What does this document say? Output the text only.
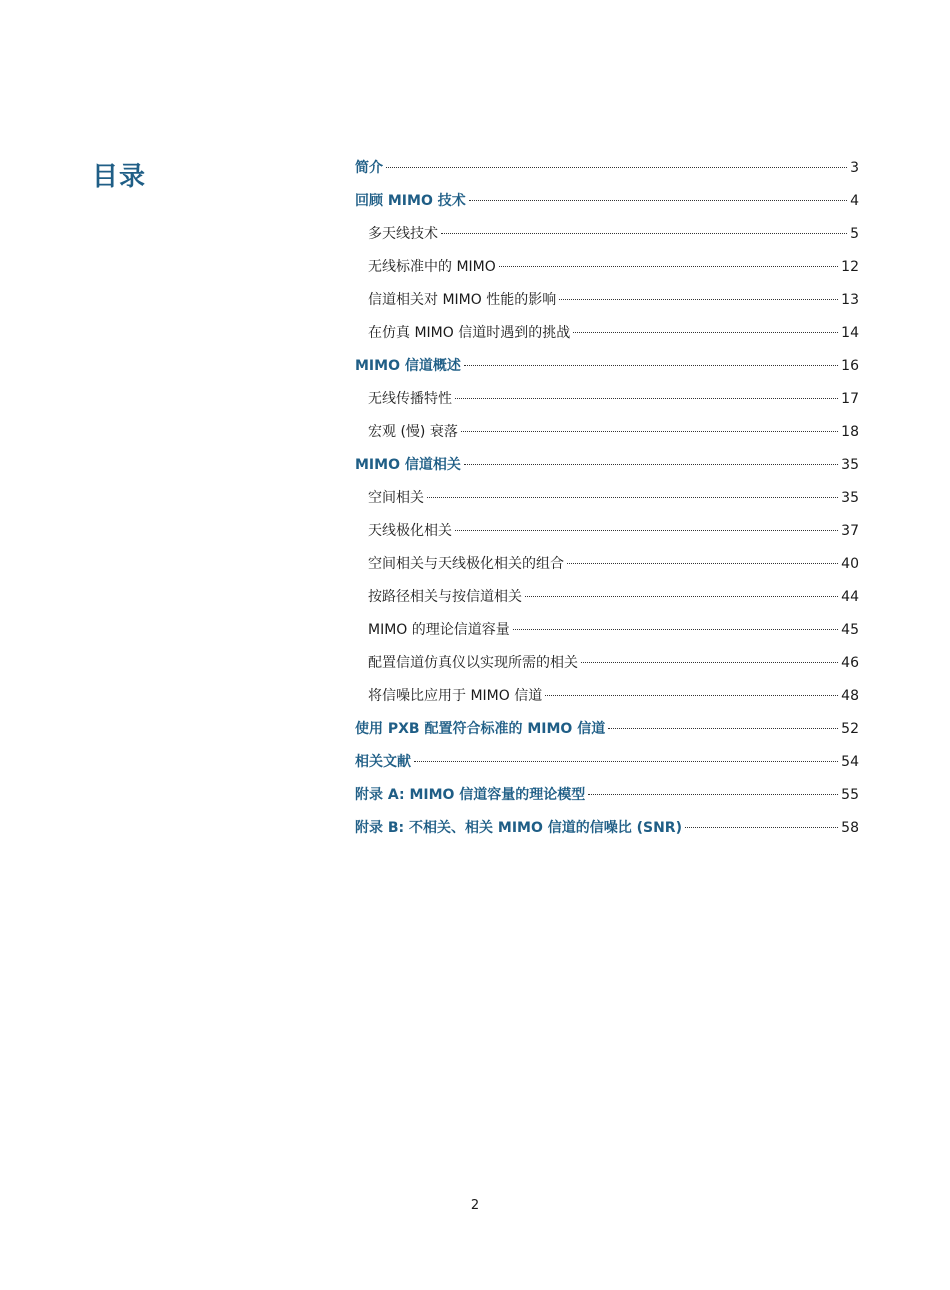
目录	简介	3
回顾 MIMO 技术	4
多天线技术	5
无线标准中的 MIMO	12
信道相关对 MIMO 性能的影响	13
在仿真 MIMO 信道时遇到的挑战	14
MIMO 信道概述	16
无线传播特性	17
宏观 (慢) 衰落	18
MIMO 信道相关	35
空间相关	35
天线极化相关	37
空间相关与天线极化相关的组合	40
按路径相关与按信道相关	44
MIMO 的理论信道容量	45
配置信道仿真仪以实现所需的相关	46
将信噪比应用于 MIMO 信道	48
使用 PXB 配置符合标准的 MIMO 信道	52
相关文献	54
附录 A: MIMO 信道容量的理论模型	55
附录 B: 不相关、相关 MIMO 信道的信噪比 (SNR)	58
2
